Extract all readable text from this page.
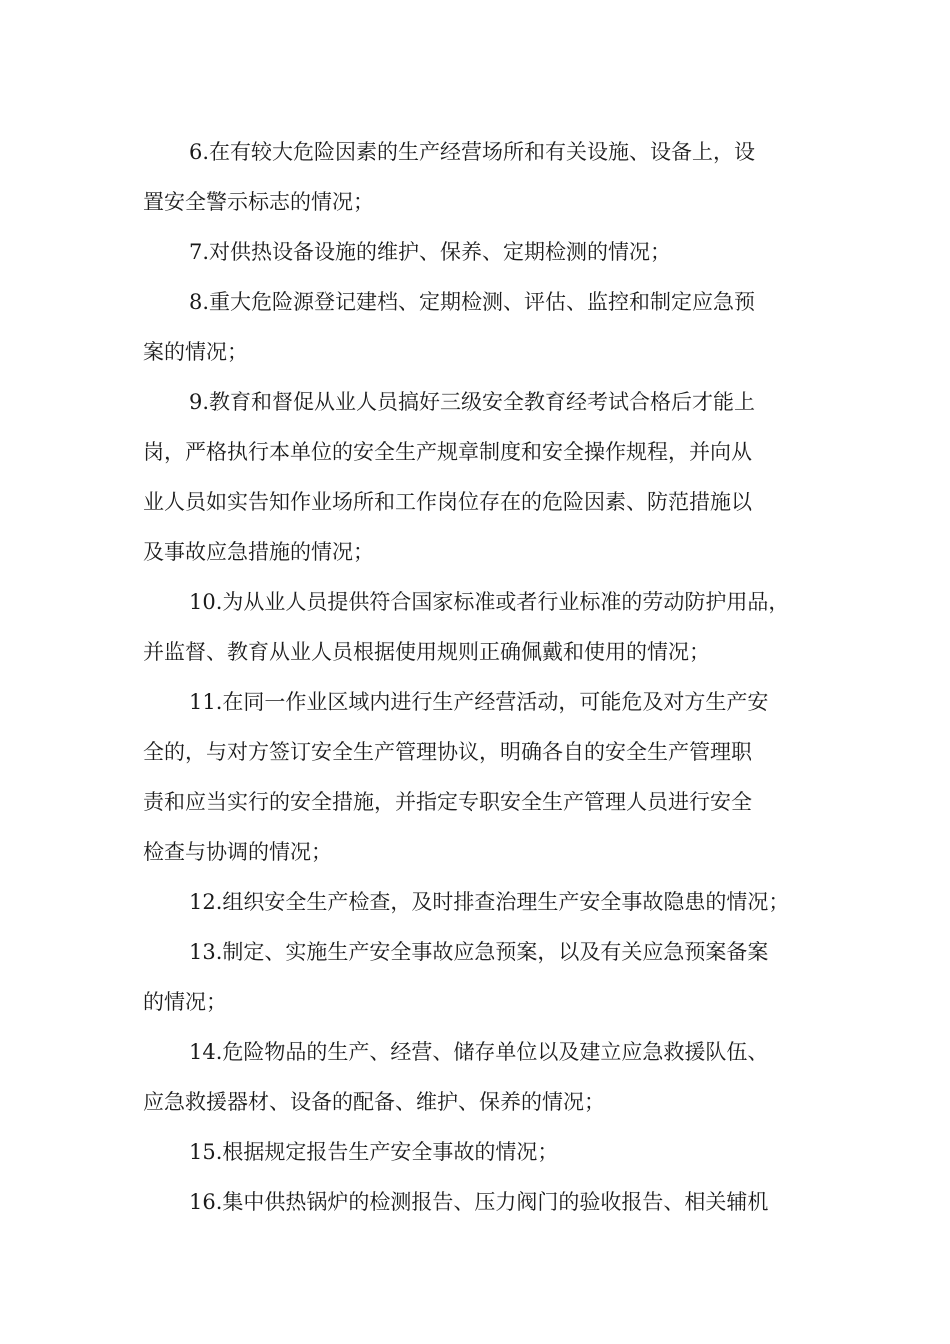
6.在有较大危险因素的生产经营场所和有关设施、设备上，设
置安全警示标志的情况；
7.对供热设备设施的维护、保养、定期检测的情况；
8.重大危险源登记建档、定期检测、评估、监控和制定应急预
案的情况；
9.教育和督促从业人员搞好三级安全教育经考试合格后才能上
岗，严格执行本单位的安全生产规章制度和安全操作规程，并向从
业人员如实告知作业场所和工作岗位存在的危险因素、防范措施以
及事故应急措施的情况；
10.为从业人员提供符合国家标准或者行业标准的劳动防护用品，
并监督、教育从业人员根据使用规则正确佩戴和使用的情况；
11.在同一作业区域内进行生产经营活动，可能危及对方生产安
全的，与对方签订安全生产管理协议，明确各自的安全生产管理职
责和应当实行的安全措施，并指定专职安全生产管理人员进行安全
检查与协调的情况；
12.组织安全生产检查，及时排查治理生产安全事故隐患的情况；
13.制定、实施生产安全事故应急预案，以及有关应急预案备案
的情况；
14.危险物品的生产、经营、储存单位以及建立应急救援队伍、
应急救援器材、设备的配备、维护、保养的情况；
15.根据规定报告生产安全事故的情况；
16.集中供热锅炉的检测报告、压力阀门的验收报告、相关辅机
